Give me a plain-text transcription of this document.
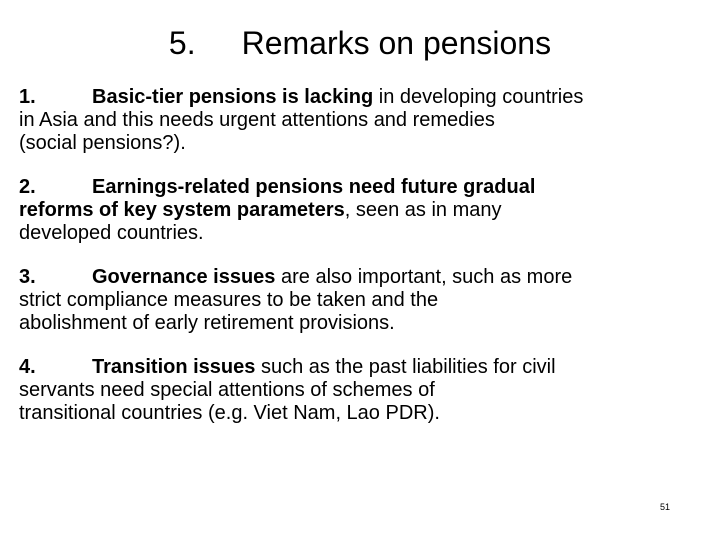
5. Remarks on pensions
1.	Basic-tier pensions is lacking in developing countries
in Asia and this needs urgent attentions and remedies
(social pensions?).
2.	Earnings-related pensions need future gradual
reforms of key system parameters, seen as in many
developed countries.
3.	Governance issues are also important, such as more
strict compliance measures to be taken and the
abolishment of early retirement provisions.
4.	Transition issues such as the past liabilities for civil
servants need special attentions of schemes of
transitional countries (e.g. Viet Nam, Lao PDR).
51
